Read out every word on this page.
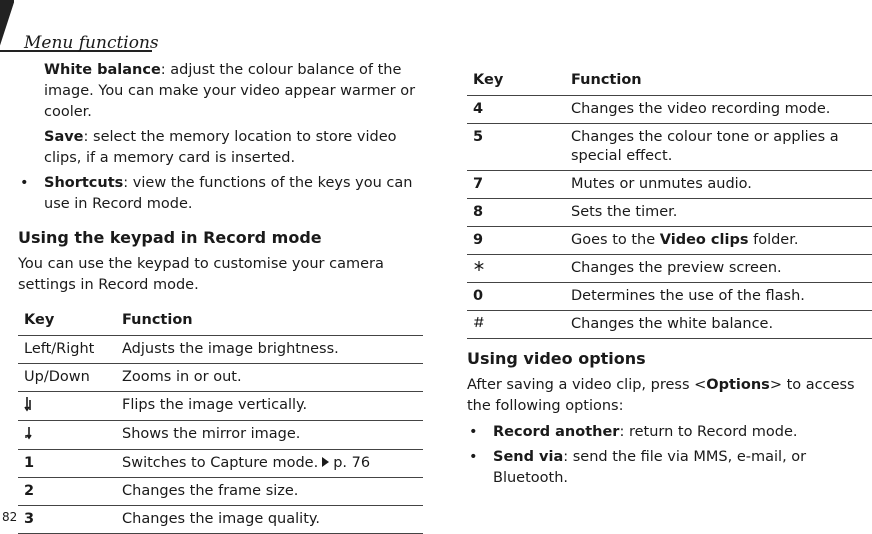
Menu functions

White balance: adjust the colour balance of the image. You can make your video appear warmer or cooler.

Save: select the memory location to store video clips, if a memory card is inserted.

• Shortcuts: view the functions of the keys you can use in Record mode.

Using the keypad in Record mode

You can use the keypad to customise your camera settings in Record mode.

Key	Function
Left/Right	Adjusts the image brightness.
Up/Down	Zooms in or out.
	Flips the image vertically.
	Shows the mirror image.
1	Switches to Capture mode. p. 76
2	Changes the frame size.
3	Changes the image quality.
Key	Function
4	Changes the video recording mode.
5	Changes the colour tone or applies a special effect.
7	Mutes or unmutes audio.
8	Sets the timer.
9	Goes to the Video clips folder.
	Changes the preview screen.
0	Determines the use of the flash.
	Changes the white balance.
Using video options

After saving a video clip, press <Options> to access the following options:

• Record another: return to Record mode.

• Send via: send the file via MMS, e-mail, or Bluetooth.

82
